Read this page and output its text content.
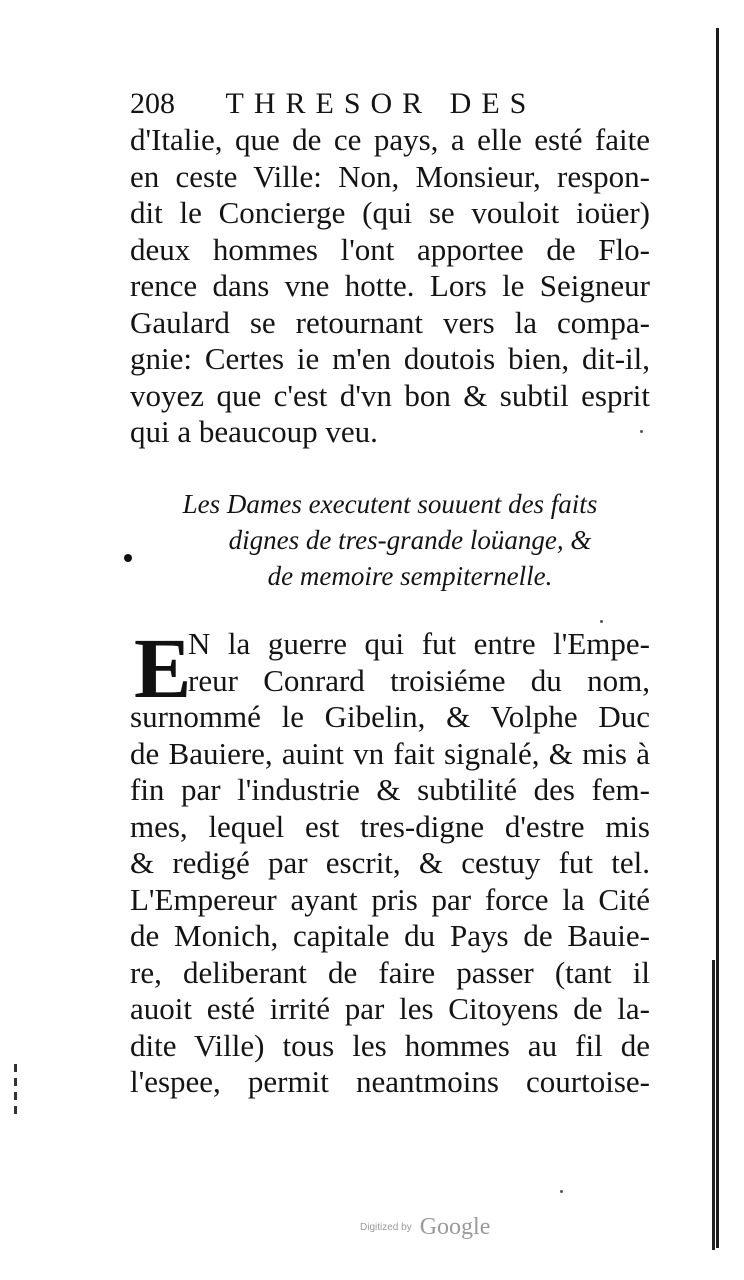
208 THRESOR DES
d'Italie, que de ce pays, a elle esté faite
en ceste Ville: Non, Monsieur, respon-
dit le Concierge (qui se vouloit ioüer)
deux hommes l'ont apportee de Flo-
rence dans vne hotte. Lors le Seigneur
Gaulard se retournant vers la compa-
gnie: Certes ie m'en doutois bien, dit-il,
voyez que c'est d'vn bon & subtil esprit
qui a beaucoup veu.
Les Dames executent souuent des faits
dignes de tres-grande loüange, &
de memoire sempiternelle.
E
N la guerre qui fut entre l'Empe-
reur Conrard troisiéme du nom,
surnommé le Gibelin, & Volphe Duc
de Bauiere, auint vn fait signalé, & mis à
fin par l'industrie & subtilité des fem-
mes, lequel est tres-digne d'estre mis
& redigé par escrit, & cestuy fut tel.
L'Empereur ayant pris par force la Cité
de Monich, capitale du Pays de Bauie-
re, deliberant de faire passer (tant il
auoit esté irrité par les Citoyens de la-
dite Ville) tous les hommes au fil de
l'espee, permit neantmoins courtoise-
Digitized by Google
